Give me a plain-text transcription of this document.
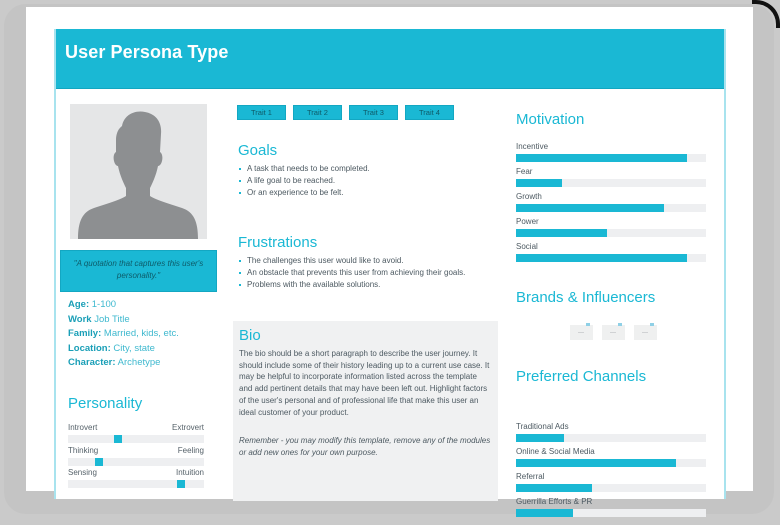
User Persona Type
"A quotation that captures this user's personality."
Age: 1-100
Work Job Title
Family: Married, kids, etc.
Location: City, state
Character: Archetype
Personality
Introvert	Extrovert
Thinking	Feeling
Sensing	Intuition
Trait 1	Trait 2	Trait 3	Trait 4
Goals
A task that needs to be completed.
A life goal to be reached.
Or an experience to be felt.
Frustrations
The challenges this user would like to avoid.
An obstacle that prevents this user from achieving their goals.
Problems with the available solutions.
Bio
The bio should be a short paragraph to describe the user journey. It should include some of their history leading up to a current use case. It may be helpful to incorporate information listed across the template and add pertinent details that may have been left out. Highlight factors of the user's personal and of professional life that make this user an ideal customer of your product.
Remember - you may modify this template, remove any of the modules or add new ones for your own purpose.
Motivation
Incentive
Fear
Growth
Power
Social
Brands & Influencers
Preferred Channels
Traditional Ads
Online & Social Media
Referral
Guerrilla Efforts & PR
